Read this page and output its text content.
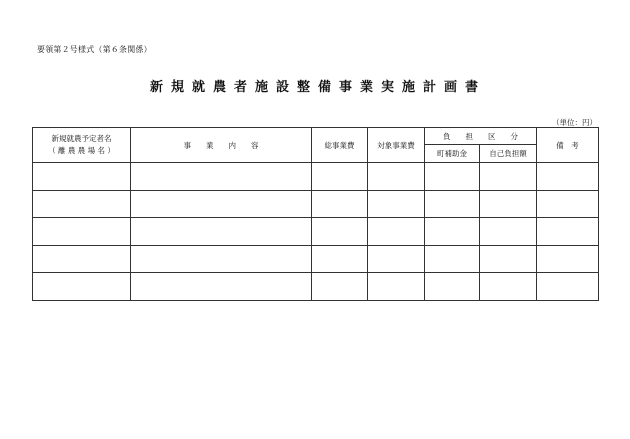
要領第２号様式（第６条関係）
新規就農者施設整備事業実施計画書
（単位：円）
新規就農予定者名
（ 離 農 農 場 名 ）	事　　業　　内　　容	総事業費	対象事業費	負　　担　　区　　分		備　考
				町補助金	自己負担額	
